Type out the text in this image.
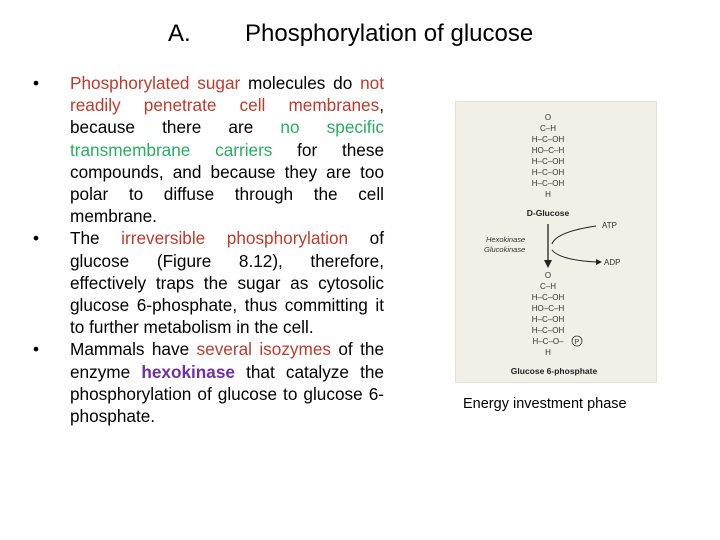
A. Phosphorylation of glucose
•	Phosphorylated sugar molecules do not readily penetrate cell membranes, because there are no specific transmembrane carriers for these compounds, and because they are too polar to diffuse through the cell membrane.
•	The irreversible phosphorylation of glucose (Figure 8.12), therefore, effectively traps the sugar as cytosolic glucose 6-phosphate, thus committing it to further metabolism in the cell.
•	Mammals have several isozymes of the enzyme hexokinase that catalyze the phosphorylation of glucose to glucose 6-phosphate.
O
C–H
H–C–OH
HO–C–H
H–C–OH
H–C–OH
H–C–OH
H
D-Glucose
ATP
ADP
Hexokinase
Glucokinase
O
C–H
H–C–OH
HO–C–H
H–C–OH
H–C–OH
H–C–O–
H
P
Glucose 6-phosphate
Energy investment phase
